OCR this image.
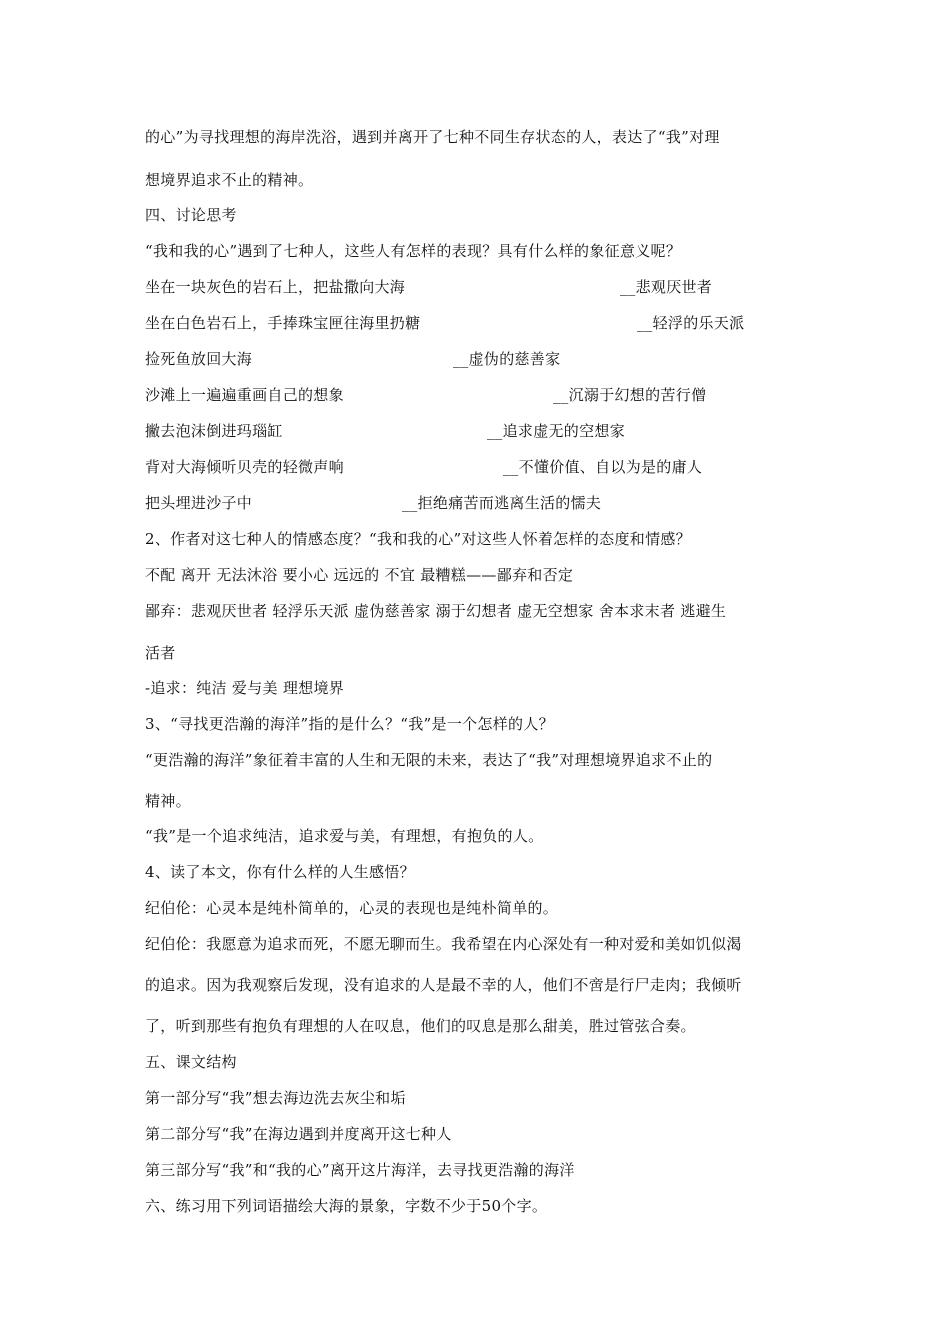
的心”为寻找理想的海岸洗浴，遇到并离开了七种不同生存状态的人，表达了“我”对理
想境界追求不止的精神。
四、讨论思考
“我和我的心”遇到了七种人，这些人有怎样的表现？具有什么样的象征意义呢？
坐在一块灰色的岩石上，把盐撒向大海	__悲观厌世者
坐在白色岩石上，手捧珠宝匣往海里扔糖	__轻浮的乐天派
捡死鱼放回大海	__虚伪的慈善家
沙滩上一遍遍重画自己的想象	__沉溺于幻想的苦行僧
撇去泡沫倒进玛瑙缸	__追求虚无的空想家
背对大海倾听贝壳的轻微声响	__不懂价值、自以为是的庸人
把头埋进沙子中	__拒绝痛苦而逃离生活的懦夫
2、作者对这七种人的情感态度？“我和我的心”对这些人怀着怎样的态度和情感？
不配 离开 无法沐浴 要小心 远远的 不宜 最糟糕——鄙弃和否定
鄙弃：悲观厌世者 轻浮乐天派 虚伪慈善家 溺于幻想者 虚无空想家 舍本求末者 逃避生
活者
-追求：纯洁 爱与美 理想境界
3、“寻找更浩瀚的海洋”指的是什么？“我”是一个怎样的人？
“更浩瀚的海洋”象征着丰富的人生和无限的未来，表达了“我”对理想境界追求不止的
精神。
“我”是一个追求纯洁，追求爱与美，有理想，有抱负的人。
4、读了本文，你有什么样的人生感悟？
纪伯伦：心灵本是纯朴简单的，心灵的表现也是纯朴简单的。
纪伯伦：我愿意为追求而死，不愿无聊而生。我希望在内心深处有一种对爱和美如饥似渴
的追求。因为我观察后发现，没有追求的人是最不幸的人，他们不啻是行尸走肉；我倾听
了，听到那些有抱负有理想的人在叹息，他们的叹息是那么甜美，胜过管弦合奏。
五、课文结构
第一部分写“我”想去海边洗去灰尘和垢
第二部分写“我”在海边遇到并度离开这七种人
第三部分写“我”和“我的心”离开这片海洋，去寻找更浩瀚的海洋
六、练习用下列词语描绘大海的景象，字数不少于50个字。
